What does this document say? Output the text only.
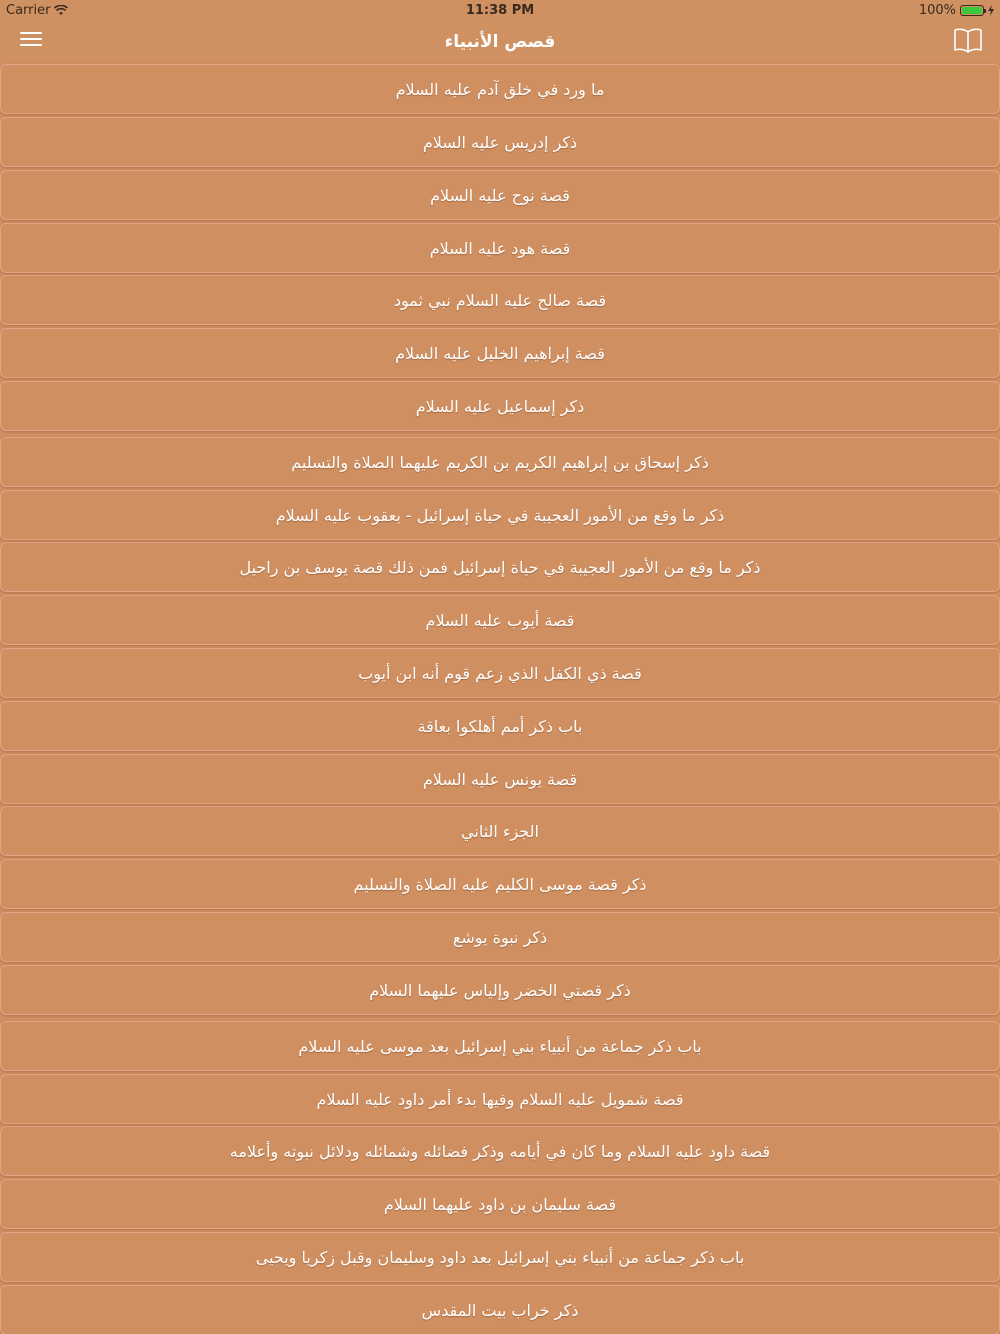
Carrier	11:38 PM	100%
قصص الأنبياء
ما ورد في خلق آدم عليه السلام
ذكر إدريس عليه السلام
قصة نوح عليه السلام
قصة هود عليه السلام
قصة صالح عليه السلام نبي ثمود
قصة إبراهيم الخليل عليه السلام
ذكر إسماعيل عليه السلام
ذكر إسحاق بن إبراهيم الكريم بن الكريم عليهما الصلاة والتسليم
ذكر ما وقع من الأمور العجيبة في حياة إسرائيل - يعقوب عليه السلام
ذكر ما وقع من الأمور العجيبة في حياة إسرائيل فمن ذلك قصة يوسف بن راحيل
قصة أيوب عليه السلام
قصة ذي الكفل الذي زعم قوم أنه ابن أيوب
باب ذكر أمم أهلكوا بعاقة
قصة يونس عليه السلام
الجزء الثاني
ذكر قصة موسى الكليم عليه الصلاة والتسليم
ذكر نبوة يوشع
ذكر قصتي الخضر وإلياس عليهما السلام
باب ذكر جماعة من أنبياء بني إسرائيل بعد موسى عليه السلام
قصة شمويل عليه السلام وفيها بدء أمر داود عليه السلام
قصة داود عليه السلام وما كان في أيامه وذكر فضائله وشمائله ودلائل نبوته وأعلامه
قصة سليمان بن داود عليهما السلام
باب ذكر جماعة من أنبياء بني إسرائيل بعد داود وسليمان وقبل زكريا ويحيى
ذكر خراب بيت المقدس
